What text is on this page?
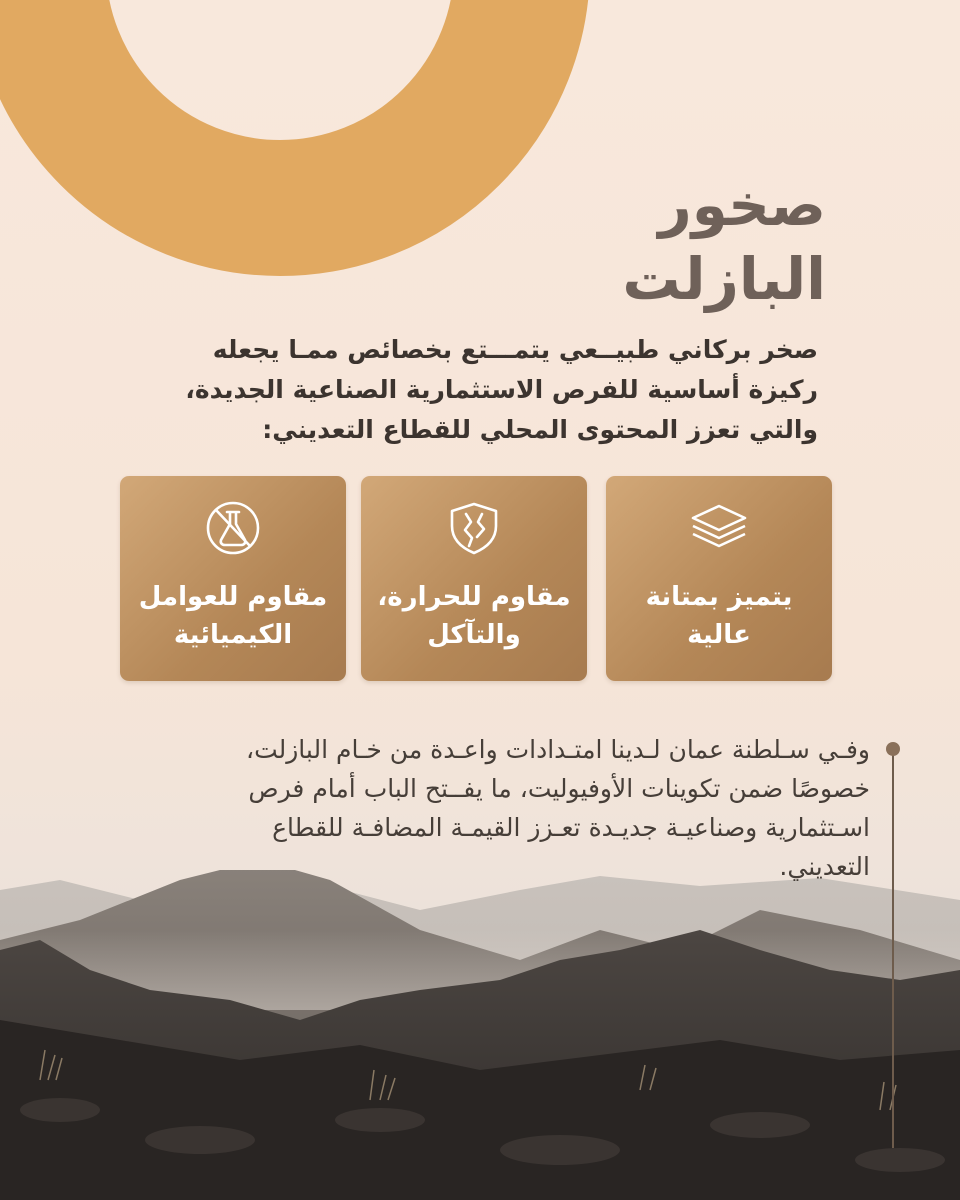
صخور
البازلت
صخر بركاني طبيــعي يتمـــتع بخصائص ممـا يجعله
ركيزة أساسية للفرص الاستثمارية الصناعية الجديدة،
والتي تعزز المحتوى المحلي للقطاع التعديني:
يتميز بمتانة
عالية
مقاوم للحرارة،
والتآكل
مقاوم للعوامل
الكيميائية
وفـي سـلطنة عمان لـدينا امتـدادات واعـدة من خـام البازلت،
خصوصًا ضمن تكوينات الأوفيوليت، ما يفــتح الباب أمام فرص
اسـتثمارية وصناعيـة جديـدة تعـزز القيمـة المضافـة للقطاع
التعديني.
